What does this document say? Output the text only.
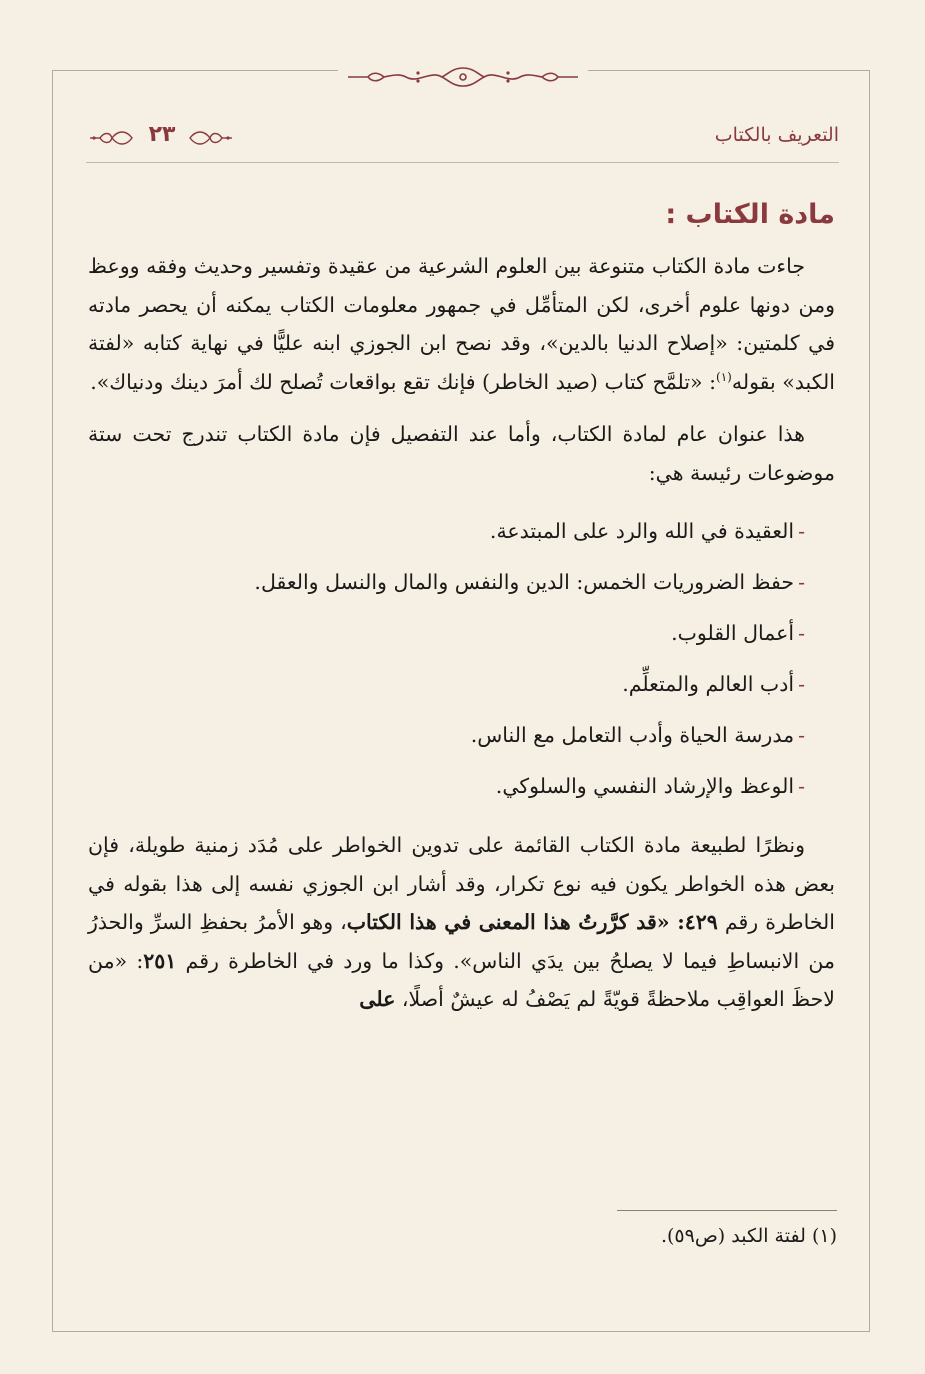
التعريف بالكتاب
٢٣
مادة الكتاب :

جاءت مادة الكتاب متنوعة بين العلوم الشرعية من عقيدة وتفسير وحديث وفقه ووعظ ومن دونها علوم أخرى، لكن المتأمِّل في جمهور معلومات الكتاب يمكنه أن يحصر مادته في كلمتين: «إصلاح الدنيا بالدين»، وقد نصح ابن الجوزي ابنه عليًّا في نهاية كتابه «لفتة الكبد» بقوله$^{(١)}$: «تلمَّح كتاب (صيد الخاطر) فإنك تقع بواقعات تُصلح لك أمرَ دينك ودنياك».

هذا عنوان عام لمادة الكتاب، وأما عند التفصيل فإن مادة الكتاب تندرج تحت ستة موضوعات رئيسة هي:

-العقيدة في الله والرد على المبتدعة.
-حفظ الضروريات الخمس: الدين والنفس والمال والنسل والعقل.
-أعمال القلوب.
-أدب العالم والمتعلِّم.
-مدرسة الحياة وأدب التعامل مع الناس.
-الوعظ والإرشاد النفسي والسلوكي.

ونظرًا لطبيعة مادة الكتاب القائمة على تدوين الخواطر على مُدَد زمنية طويلة، فإن بعض هذه الخواطر يكون فيه نوع تكرار، وقد أشار ابن الجوزي نفسه إلى هذا بقوله في الخاطرة رقم ٤٢٩: «قد كرَّرتُ هذا المعنى في هذا الكتاب، وهو الأمرُ بحفظِ السرِّ والحذرُ من الانبساطِ فيما لا يصلحُ بين يدَي الناس». وكذا ما ورد في الخاطرة رقم ٢٥١: «من لاحظَ العواقِب ملاحظةً قويّةً لم يَصْفُ له عيشٌ أصلًا، على

(١) لفتة الكبد (ص٥٩).
